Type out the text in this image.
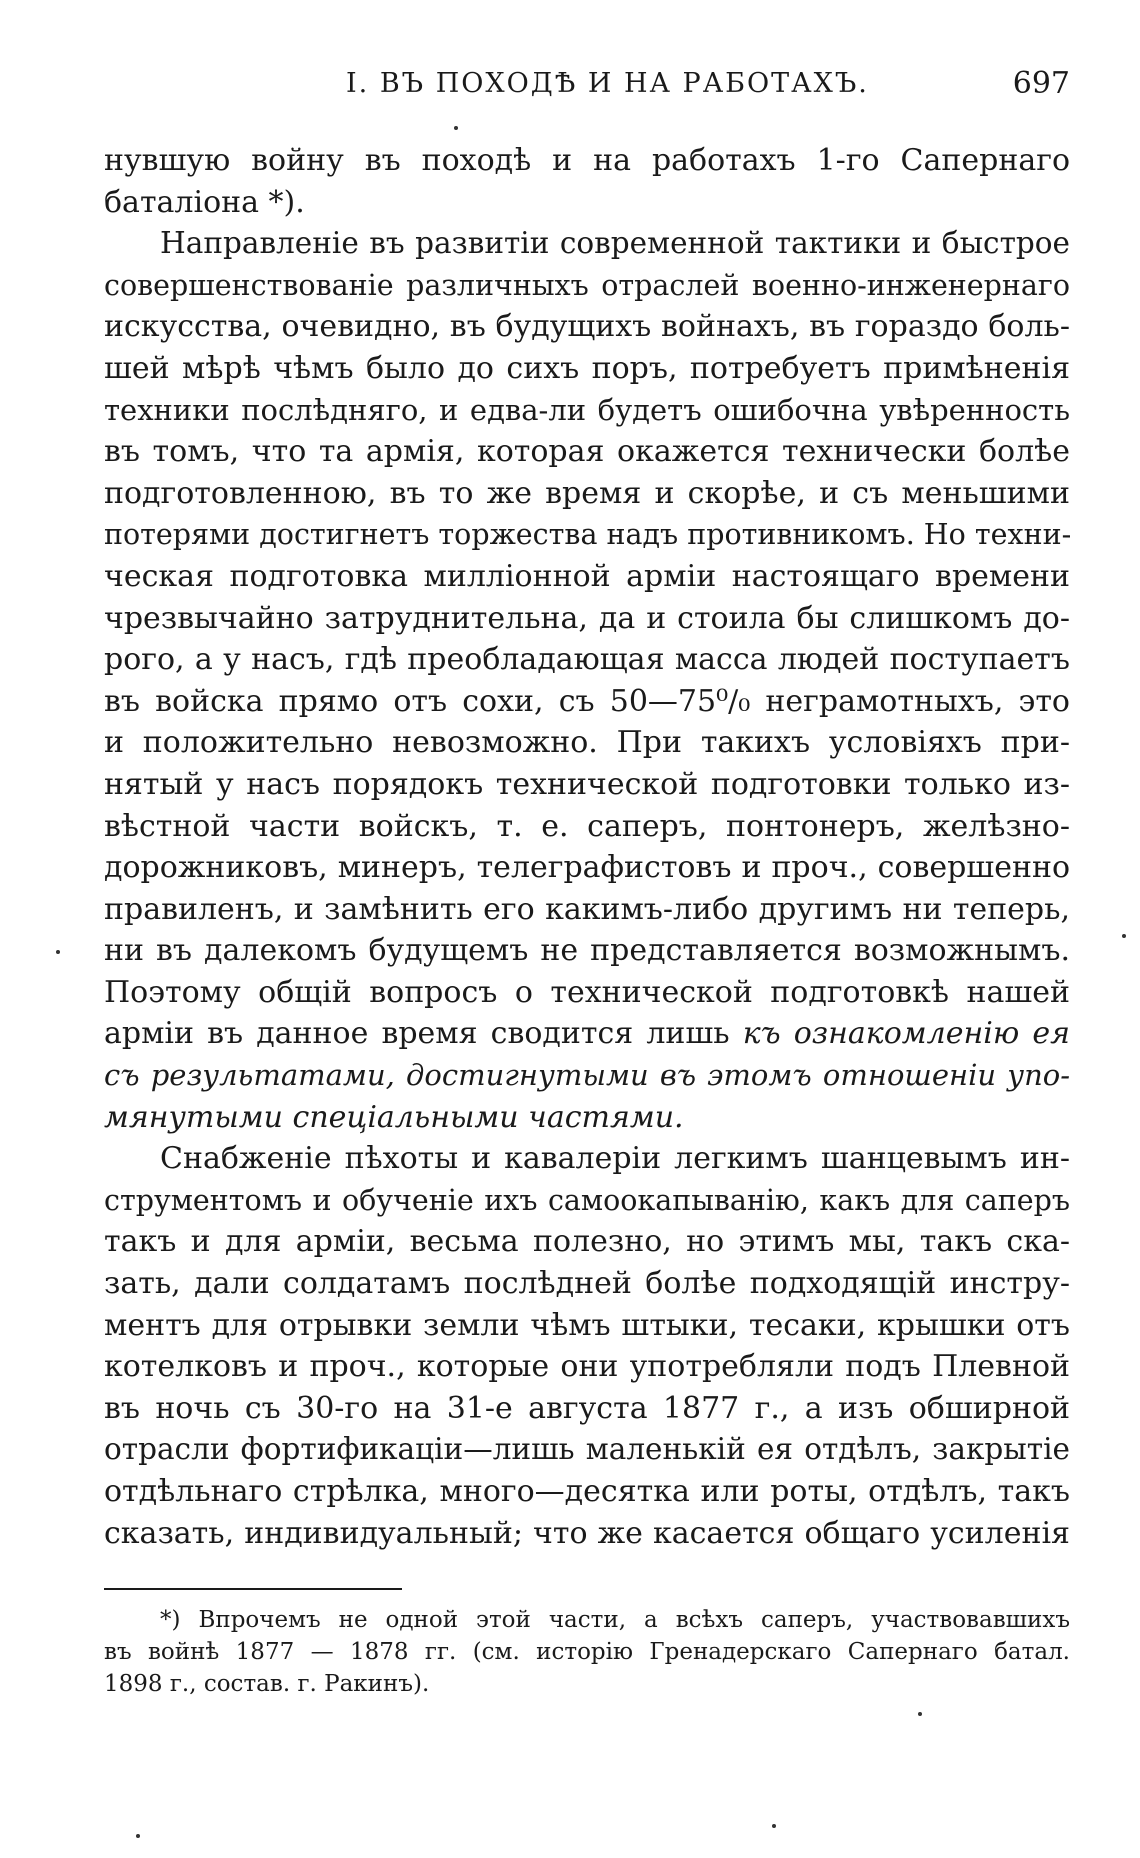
I. ВЪ ПОХОДѢ И НА РАБОТАХЪ.	697
нувшую войну въ походѣ и на работахъ 1-го Сапернаго
баталіона *).
Направленіе въ развитіи современной тактики и быстрое
совершенствованіе различныхъ отраслей военно-инженернаго
искусства, очевидно, въ будущихъ войнахъ, въ гораздо боль-
шей мѣрѣ чѣмъ было до сихъ поръ, потребуетъ примѣненія
техники послѣдняго, и едва-ли будетъ ошибочна увѣренность
въ томъ, что та армія, которая окажется технически болѣе
подготовленною, въ то же время и скорѣе, и съ меньшими
потерями достигнетъ торжества надъ противникомъ. Но техни-
ческая подготовка милліонной арміи настоящаго времени
чрезвычайно затруднительна, да и стоила бы слишкомъ до-
рого, а у насъ, гдѣ преобладающая масса людей поступаетъ
въ войска прямо отъ сохи, съ 50—75⁰/₀ неграмотныхъ, это
и положительно невозможно. При такихъ условіяхъ при-
нятый у насъ порядокъ технической подготовки только из-
вѣстной части войскъ, т. е. саперъ, понтонеръ, желѣзно-
дорожниковъ, минеръ, телеграфистовъ и проч., совершенно
правиленъ, и замѣнить его какимъ-либо другимъ ни теперь,
ни въ далекомъ будущемъ не представляется возможнымъ.
Поэтому общій вопросъ о технической подготовкѣ нашей
арміи въ данное время сводится лишь къ ознакомленію ея
съ результатами, достигнутыми въ этомъ отношеніи упо-
мянутыми спеціальными частями.
Снабженіе пѣхоты и кавалеріи легкимъ шанцевымъ ин-
струментомъ и обученіе ихъ самоокапыванію, какъ для саперъ
такъ и для арміи, весьма полезно, но этимъ мы, такъ ска-
зать, дали солдатамъ послѣдней болѣе подходящій инстру-
ментъ для отрывки земли чѣмъ штыки, тесаки, крышки отъ
котелковъ и проч., которые они употребляли подъ Плевной
въ ночь съ 30-го на 31-е августа 1877 г., а изъ обширной
отрасли фортификаціи—лишь маленькій ея отдѣлъ, закрытіе
отдѣльнаго стрѣлка, много—десятка или роты, отдѣлъ, такъ
сказать, индивидуальный; что же касается общаго усиленія
*) Впрочемъ не одной этой части, а всѣхъ саперъ, участвовавшихъ
въ войнѣ 1877 — 1878 гг. (см. исторію Гренадерскаго Сапернаго батал.
1898 г., состав. г. Ракинъ).
